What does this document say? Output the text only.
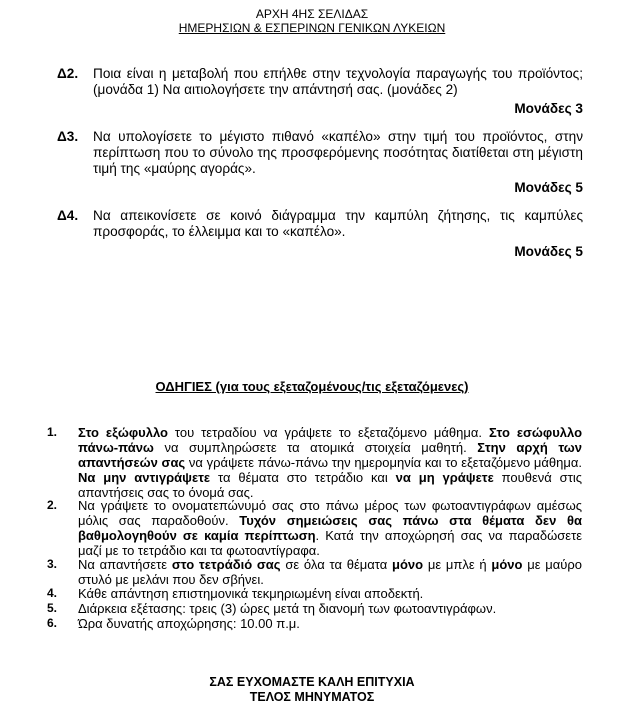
ΑΡΧΗ 4ΗΣ ΣΕΛΙΔΑΣ
ΗΜΕΡΗΣΙΩΝ & ΕΣΠΕΡΙΝΩΝ ΓΕΝΙΚΩΝ ΛΥΚΕΙΩΝ
Δ2. Ποια είναι η μεταβολή που επήλθε στην τεχνολογία παραγωγής του προϊόντος; (μονάδα 1) Να αιτιολογήσετε την απάντησή σας. (μονάδες 2)
Μονάδες 3
Δ3. Να υπολογίσετε το μέγιστο πιθανό «καπέλο» στην τιμή του προϊόντος, στην περίπτωση που το σύνολο της προσφερόμενης ποσότητας διατίθεται στη μέγιστη τιμή της «μαύρης αγοράς».
Μονάδες 5
Δ4. Να απεικονίσετε σε κοινό διάγραμμα την καμπύλη ζήτησης, τις καμπύλες προσφοράς, το έλλειμμα και το «καπέλο».
Μονάδες 5
ΟΔΗΓΙΕΣ (για τους εξεταζομένους/τις εξεταζόμενες)
1. Στο εξώφυλλο του τετραδίου να γράψετε το εξεταζόμενο μάθημα. Στο εσώφυλλο πάνω-πάνω να συμπληρώσετε τα ατομικά στοιχεία μαθητή. Στην αρχή των απαντήσεών σας να γράψετε πάνω-πάνω την ημερομηνία και το εξεταζόμενο μάθημα. Να μην αντιγράψετε τα θέματα στο τετράδιο και να μη γράψετε πουθενά στις απαντήσεις σας το όνομά σας.
2. Να γράψετε το ονοματεπώνυμό σας στο πάνω μέρος των φωτοαντιγράφων αμέσως μόλις σας παραδοθούν. Τυχόν σημειώσεις σας πάνω στα θέματα δεν θα βαθμολογηθούν σε καμία περίπτωση. Κατά την αποχώρησή σας να παραδώσετε μαζί με το τετράδιο και τα φωτοαντίγραφα.
3. Να απαντήσετε στο τετράδιό σας σε όλα τα θέματα μόνο με μπλε ή μόνο με μαύρο στυλό με μελάνι που δεν σβήνει.
4. Κάθε απάντηση επιστημονικά τεκμηριωμένη είναι αποδεκτή.
5. Διάρκεια εξέτασης: τρεις (3) ώρες μετά τη διανομή των φωτοαντιγράφων.
6. Ώρα δυνατής αποχώρησης: 10.00 π.μ.
ΣΑΣ ΕΥΧΟΜΑΣΤΕ ΚΑΛΗ ΕΠΙΤΥΧΙΑ
ΤΕΛΟΣ ΜΗΝΥΜΑΤΟΣ
